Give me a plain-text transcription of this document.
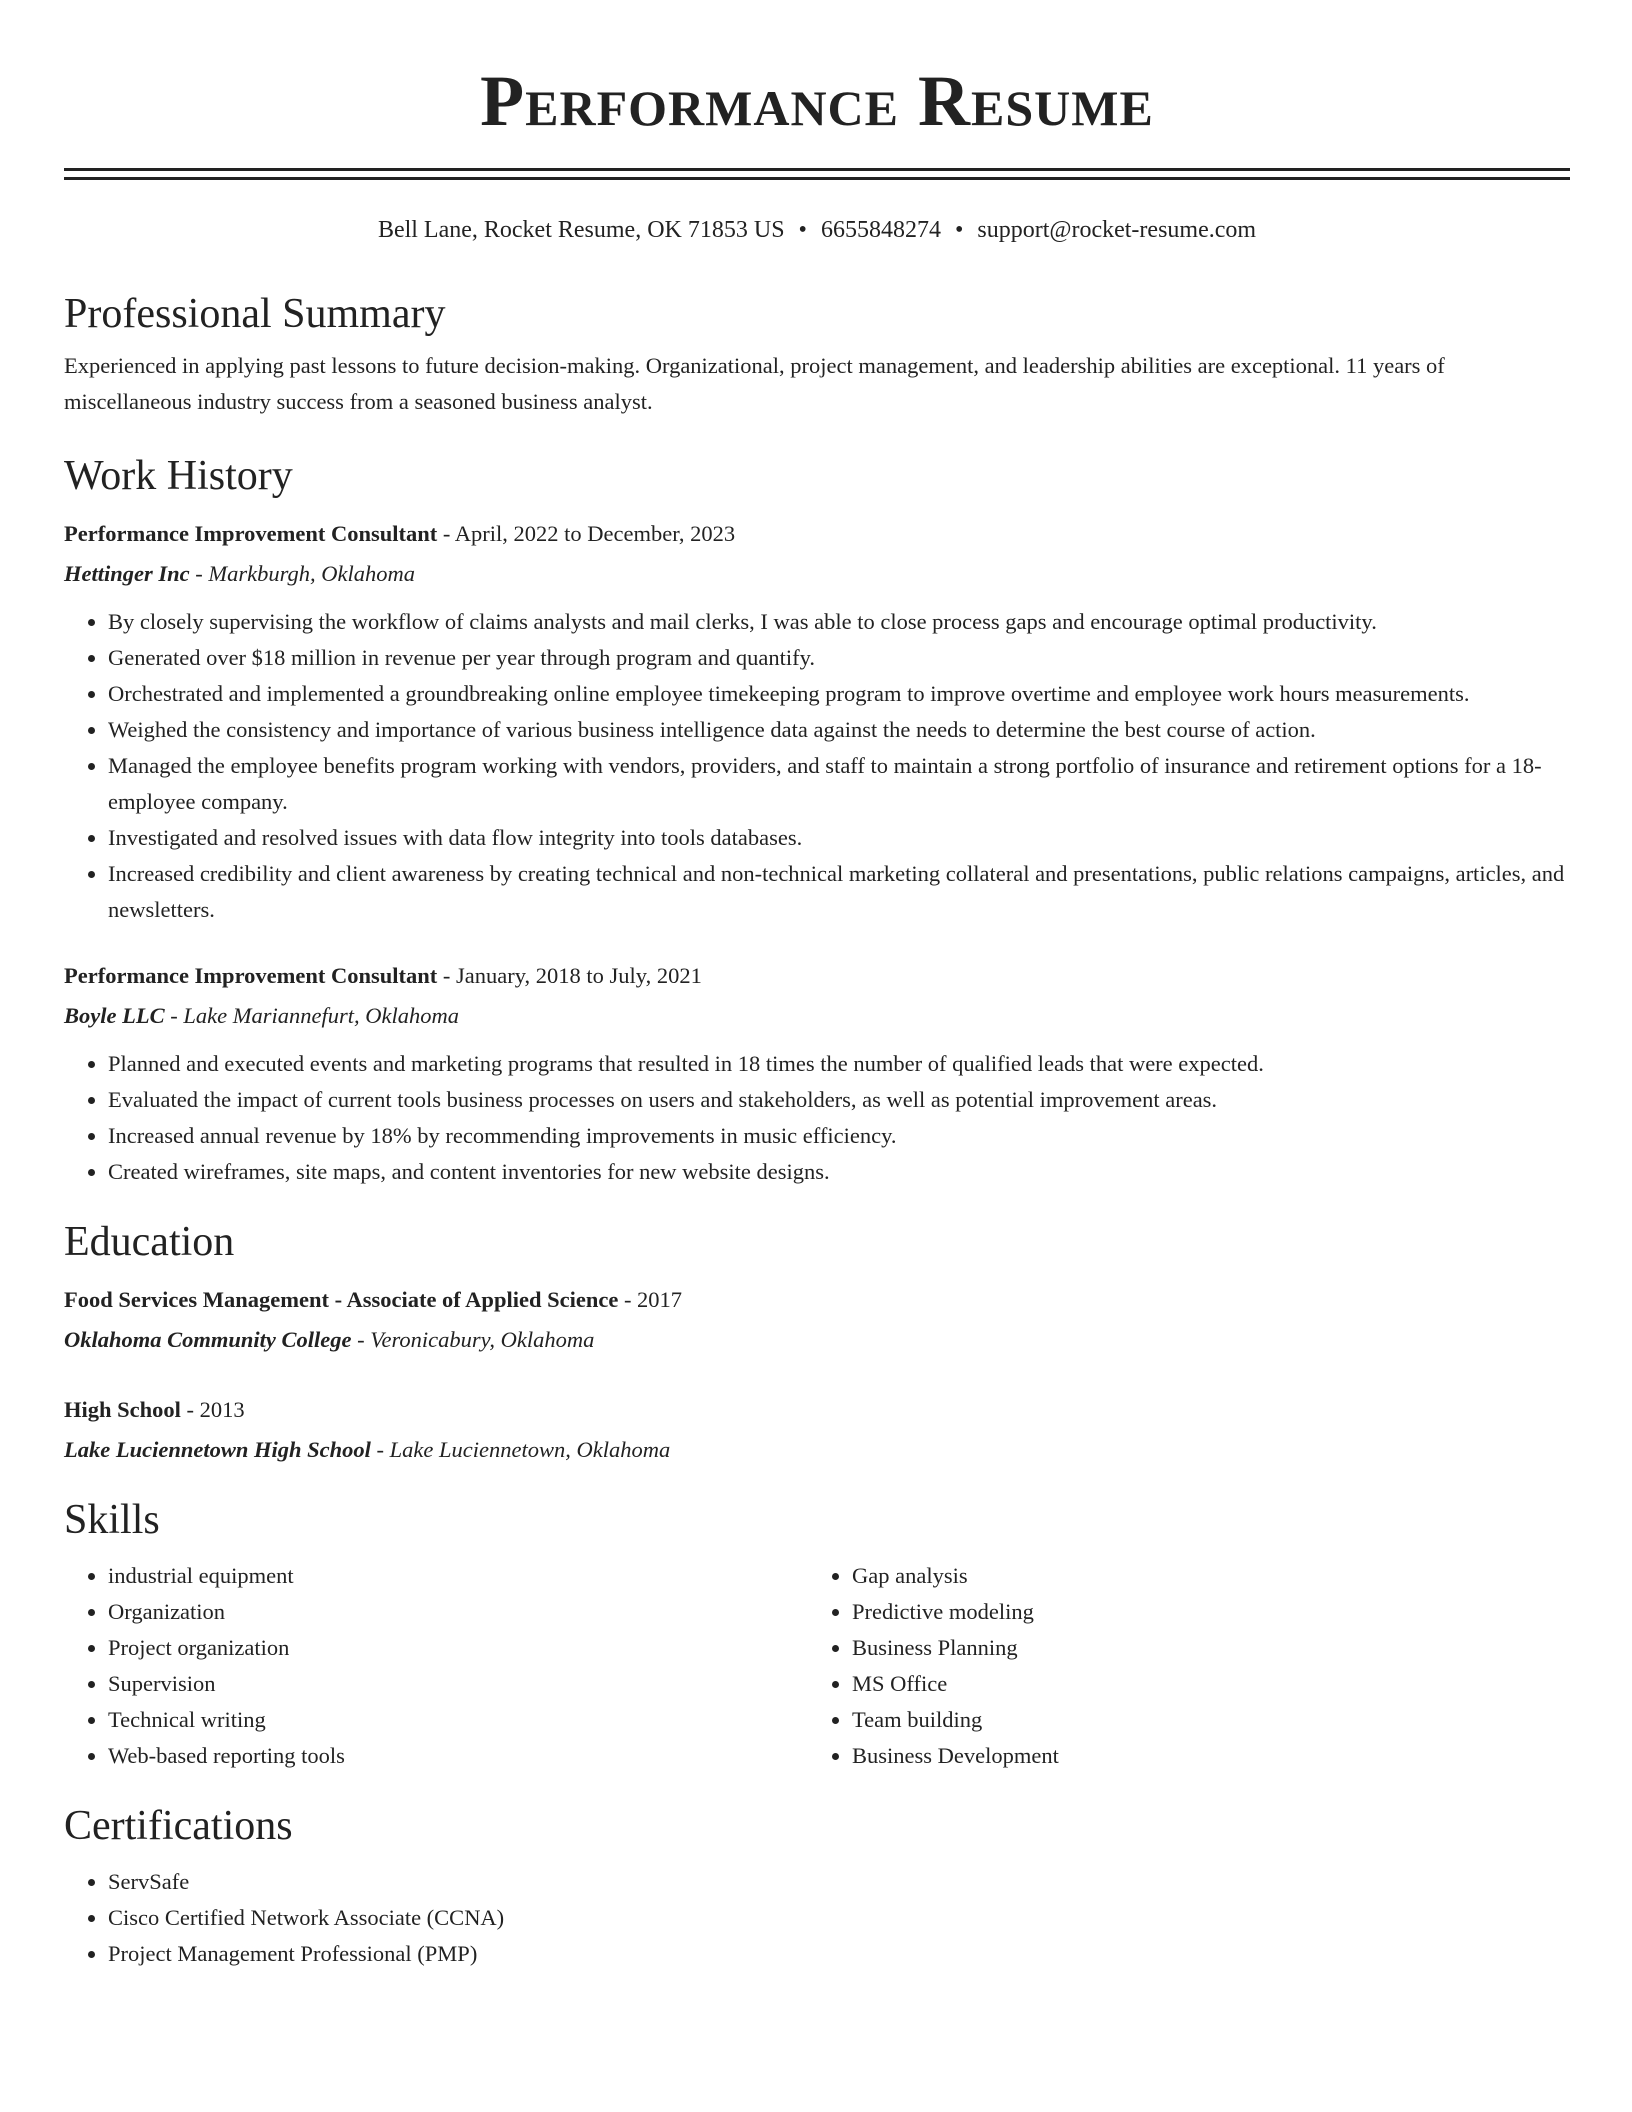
Performance Resume
Bell Lane, Rocket Resume, OK 71853 US • 6655848274 • support@rocket-resume.com
Professional Summary

Experienced in applying past lessons to future decision-making. Organizational, project management, and leadership abilities are exceptional. 11 years of miscellaneous industry success from a seasoned business analyst.

Work History

Performance Improvement Consultant - April, 2022 to December, 2023

Hettinger Inc - Markburgh, Oklahoma

• By closely supervising the workflow of claims analysts and mail clerks, I was able to close process gaps and encourage optimal productivity.
• Generated over $18 million in revenue per year through program and quantify.
• Orchestrated and implemented a groundbreaking online employee timekeeping program to improve overtime and employee work hours measurements.
• Weighed the consistency and importance of various business intelligence data against the needs to determine the best course of action.
• Managed the employee benefits program working with vendors, providers, and staff to maintain a strong portfolio of insurance and retirement options for a 18-employee company.
• Investigated and resolved issues with data flow integrity into tools databases.
• Increased credibility and client awareness by creating technical and non-technical marketing collateral and presentations, public relations campaigns, articles, and newsletters.

Performance Improvement Consultant - January, 2018 to July, 2021

Boyle LLC - Lake Mariannefurt, Oklahoma

• Planned and executed events and marketing programs that resulted in 18 times the number of qualified leads that were expected.
• Evaluated the impact of current tools business processes on users and stakeholders, as well as potential improvement areas.
• Increased annual revenue by 18% by recommending improvements in music efficiency.
• Created wireframes, site maps, and content inventories for new website designs.
Education

Food Services Management - Associate of Applied Science - 2017

Oklahoma Community College - Veronicabury, Oklahoma

High School - 2013

Lake Luciennetown High School - Lake Luciennetown, Oklahoma

Skills
• industrial equipment
• Organization
• Project organization
• Supervision
• Technical writing
• Web-based reporting tools
• Gap analysis
• Predictive modeling
• Business Planning
• MS Office
• Team building
• Business Development
Certifications
• ServSafe
• Cisco Certified Network Associate (CCNA)
• Project Management Professional (PMP)
